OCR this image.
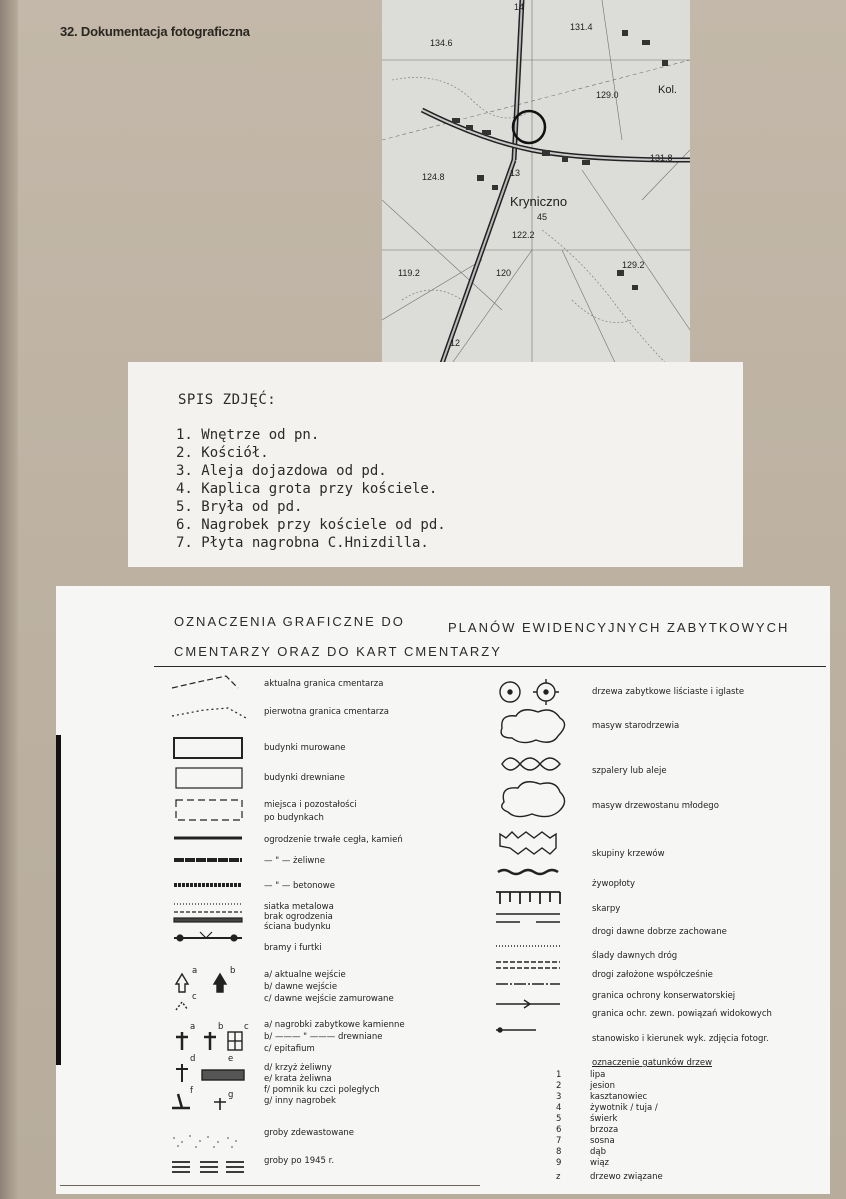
32. Dokumentacja fotograficzna
134.6
131.4
129.0	Kol.
131.8
124.8
Kryniczno
45
122.2
119.2	120
129.2
12
14
13
SPIS ZDJĘĆ:
1. Wnętrze od pn.
2. Kościół.
3. Aleja dojazdowa od pd.
4. Kaplica grota przy kościele.
5. Bryła od pd.
6. Nagrobek przy kościele od pd.
7. Płyta nagrobna C.Hnizdilla.
OZNACZENIA GRAFICZNE DO	PLANÓW EWIDENCYJNYCH ZABYTKOWYCH
CMENTARZY ORAZ DO KART CMENTARZY
aktualna granica cmentarza
pierwotna granica cmentarza
budynki murowane
budynki drewniane
miejsca i pozostałości
po budynkach
ogrodzenie trwałe cegła, kamień
— " — żeliwne
— " — betonowe
siatka metalowa
brak ogrodzenia
ściana budynku
bramy i furtki
a/ aktualne wejście
b/ dawne wejście
c/ dawne wejście zamurowane
a/ nagrobki zabytkowe kamienne
b/ ——— " ——— drewniane
c/ epitafium
d/ krzyż żeliwny
e/ krata żeliwna
f/ pomnik ku czci poległych
g/ inny nagrobek
groby zdewastowane
groby po 1945 r.
a	b
c
a	b c
d	e
f	g
drzewa zabytkowe liściaste i iglaste
masyw starodrzewia
szpalery lub aleje
masyw drzewostanu młodego
skupiny krzewów
żywopłoty
skarpy
drogi dawne dobrze zachowane
ślady dawnych dróg
drogi założone współcześnie
granica ochrony konserwatorskiej
granica ochr. zewn. powiązań widokowych
stanowisko i kierunek wyk. zdjęcia fotogr.
oznaczenie gatunków drzew
1	lipa
2	jesion
3	kasztanowiec
4	żywotnik / tuja /
5	świerk
6	brzoza
7	sosna
8	dąb
9	wiąz
z	drzewo związane
